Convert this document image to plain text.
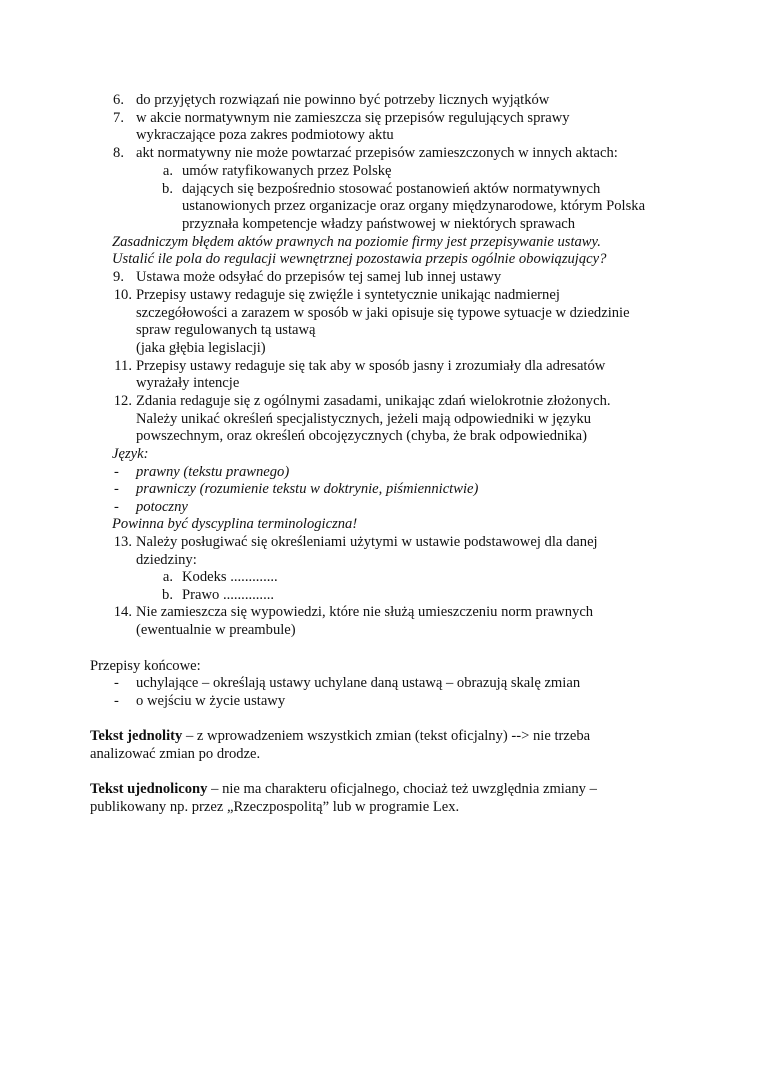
6. do przyjętych rozwiązań nie powinno być potrzeby licznych wyjątków
7. w akcie normatywnym nie zamieszcza się przepisów regulujących sprawy
wykraczające poza zakres podmiotowy aktu
8. akt normatywny nie może powtarzać przepisów zamieszczonych w innych aktach:
a. umów ratyfikowanych przez Polskę
b. dających się bezpośrednio stosować postanowień aktów normatywnych
ustanowionych przez organizacje oraz organy międzynarodowe, którym Polska
przyznała kompetencje władzy państwowej w niektórych sprawach
Zasadniczym błędem aktów prawnych na poziomie firmy jest przepisywanie ustawy.
Ustalić ile pola do regulacji wewnętrznej pozostawia przepis ogólnie obowiązujący?
9. Ustawa może odsyłać do przepisów tej samej lub innej ustawy
10. Przepisy ustawy redaguje się zwięźle i syntetycznie unikając nadmiernej
szczegółowości a zarazem w sposób w jaki opisuje się typowe sytuacje w dziedzinie
spraw regulowanych tą ustawą
(jaka głębia legislacji)
11. Przepisy ustawy redaguje się tak aby w sposób jasny i zrozumiały dla adresatów
wyrażały intencje
12. Zdania redaguje się z ogólnymi zasadami, unikając zdań wielokrotnie złożonych.
Należy unikać określeń specjalistycznych, jeżeli mają odpowiedniki w języku
powszechnym, oraz określeń obcojęzycznych (chyba, że brak odpowiednika)
Język:
- prawny (tekstu prawnego)
- prawniczy (rozumienie tekstu w doktrynie, piśmiennictwie)
- potoczny
Powinna być dyscyplina terminologiczna!
13. Należy posługiwać się określeniami użytymi w ustawie podstawowej dla danej
dziedziny:
a. Kodeks .............
b. Prawo ..............
14. Nie zamieszcza się wypowiedzi, które nie służą umieszczeniu norm prawnych
(ewentualnie w preambule)
Przepisy końcowe:
- uchylające – określają ustawy uchylane daną ustawą – obrazują skalę zmian
- o wejściu w życie ustawy
Tekst jednolity – z wprowadzeniem wszystkich zmian (tekst oficjalny) --> nie trzeba
analizować zmian po drodze.
Tekst ujednolicony – nie ma charakteru oficjalnego, chociaż też uwzględnia zmiany –
publikowany np. przez „Rzeczpospolitą” lub w programie Lex.
